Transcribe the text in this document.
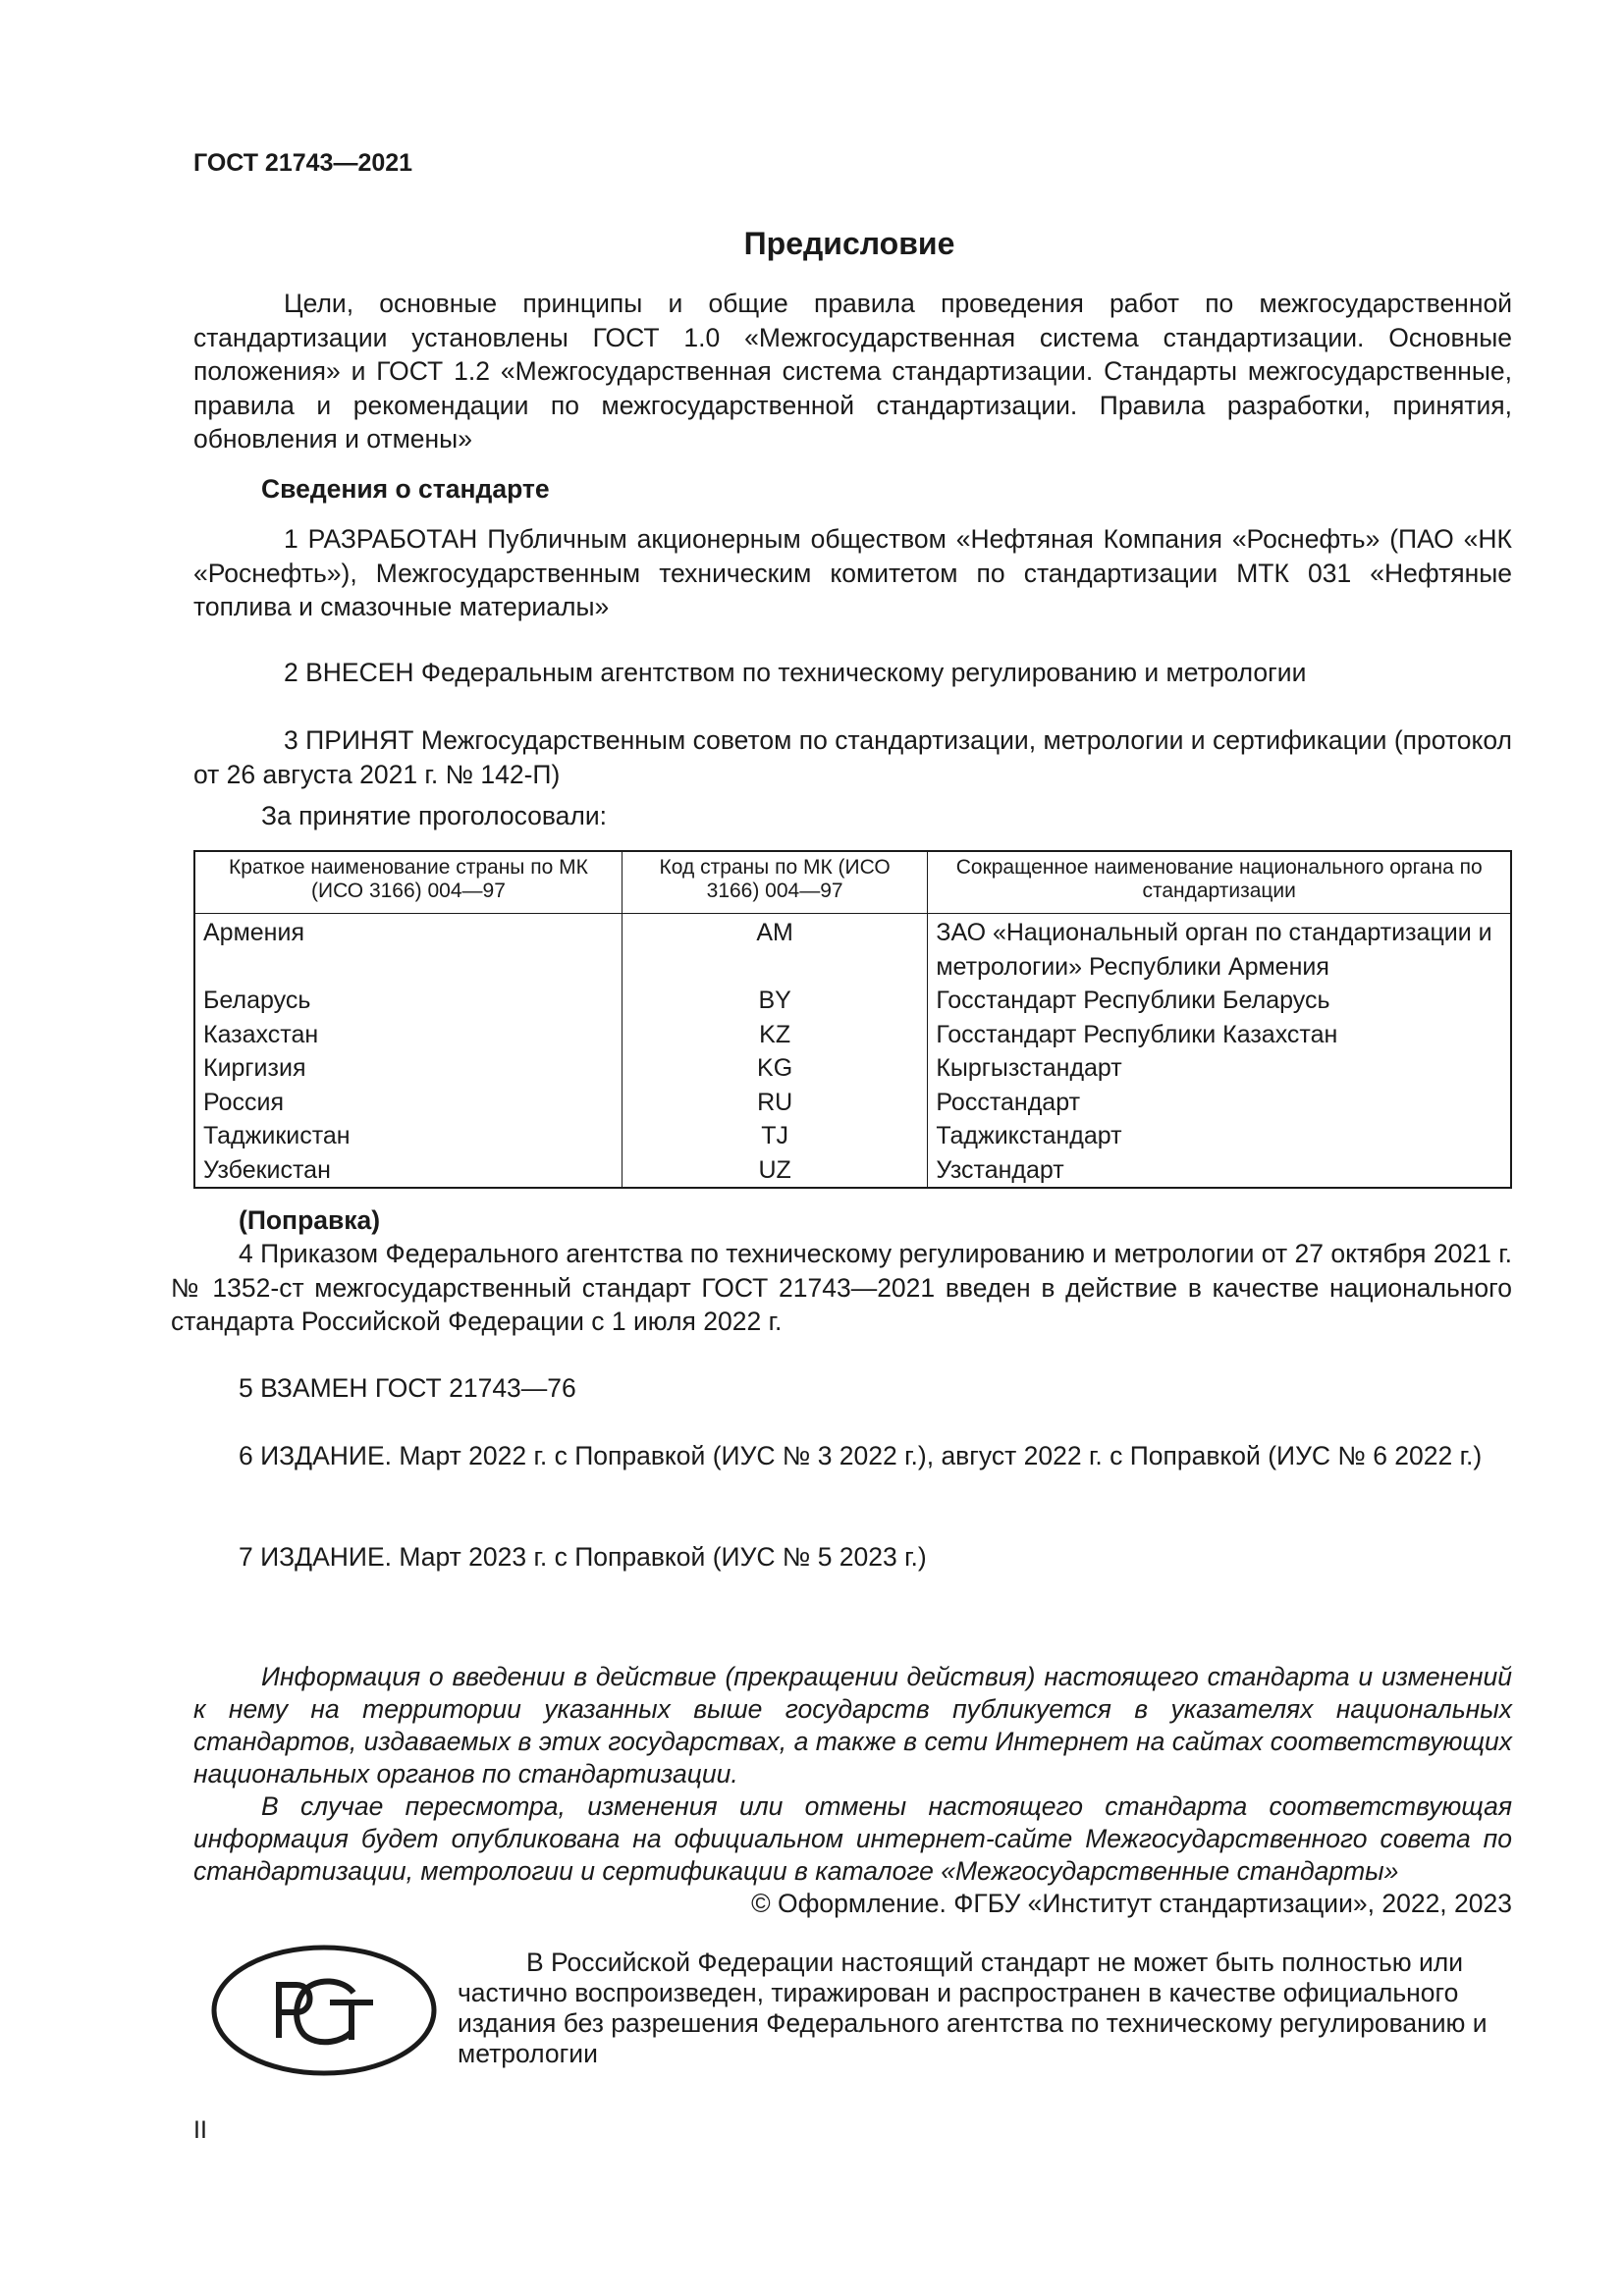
ГОСТ 21743—2021
Предисловие
Цели, основные принципы и общие правила проведения работ по межгосударственной стандартизации установлены ГОСТ 1.0 «Межгосударственная система стандартизации. Основные положения» и ГОСТ 1.2 «Межгосударственная система стандартизации. Стандарты межгосударственные, правила и рекомендации по межгосударственной стандартизации. Правила разработки, принятия, обновления и отмены»
Сведения о стандарте
1 РАЗРАБОТАН Публичным акционерным обществом «Нефтяная Компания «Роснефть» (ПАО «НК «Роснефть»), Межгосударственным техническим комитетом по стандартизации МТК 031 «Нефтяные топлива и смазочные материалы»
2 ВНЕСЕН Федеральным агентством по техническому регулированию и метрологии
3 ПРИНЯТ Межгосударственным советом по стандартизации, метрологии и сертификации (протокол от 26 августа 2021 г. № 142-П)
За принятие проголосовали:
Краткое наименование страны по МК (ИСО 3166) 004—97	Код страны по МК (ИСО 3166) 004—97	Сокращенное наименование национального органа по стандартизации
Армения	AM	ЗАО «Национальный орган по стандартизации и метрологии» Республики Армения
Беларусь	BY	Госстандарт Республики Беларусь
Казахстан	KZ	Госстандарт Республики Казахстан
Киргизия	KG	Кыргызстандарт
Россия	RU	Росстандарт
Таджикистан	TJ	Таджикстандарт
Узбекистан	UZ	Узстандарт
(Поправка)
4 Приказом Федерального агентства по техническому регулированию и метрологии от 27 октября 2021 г. № 1352-ст межгосударственный стандарт ГОСТ 21743—2021 введен в действие в качестве национального стандарта Российской Федерации с 1 июля 2022 г.
5 ВЗАМЕН ГОСТ 21743—76
6 ИЗДАНИЕ. Март 2022 г. с Поправкой (ИУС № 3 2022 г.), август 2022 г. с Поправкой (ИУС № 6 2022 г.)
7 ИЗДАНИЕ. Март 2023 г. с Поправкой (ИУС № 5 2023 г.)
Информация о введении в действие (прекращении действия) настоящего стандарта и изменений к нему на территории указанных выше государств публикуется в указателях национальных стандартов, издаваемых в этих государствах, а также в сети Интернет на сайтах соответствующих национальных органов по стандартизации.
В случае пересмотра, изменения или отмены настоящего стандарта соответствующая информация будет опубликована на официальном интернет-сайте Межгосударственного совета по стандартизации, метрологии и сертификации в каталоге «Межгосударственные стандарты»
© Оформление. ФГБУ «Институт стандартизации», 2022, 2023
В Российской Федерации настоящий стандарт не может быть полностью или частично воспроизведен, тиражирован и распространен в качестве официального издания без разрешения Федерального агентства по техническому регулированию и метрологии
II
